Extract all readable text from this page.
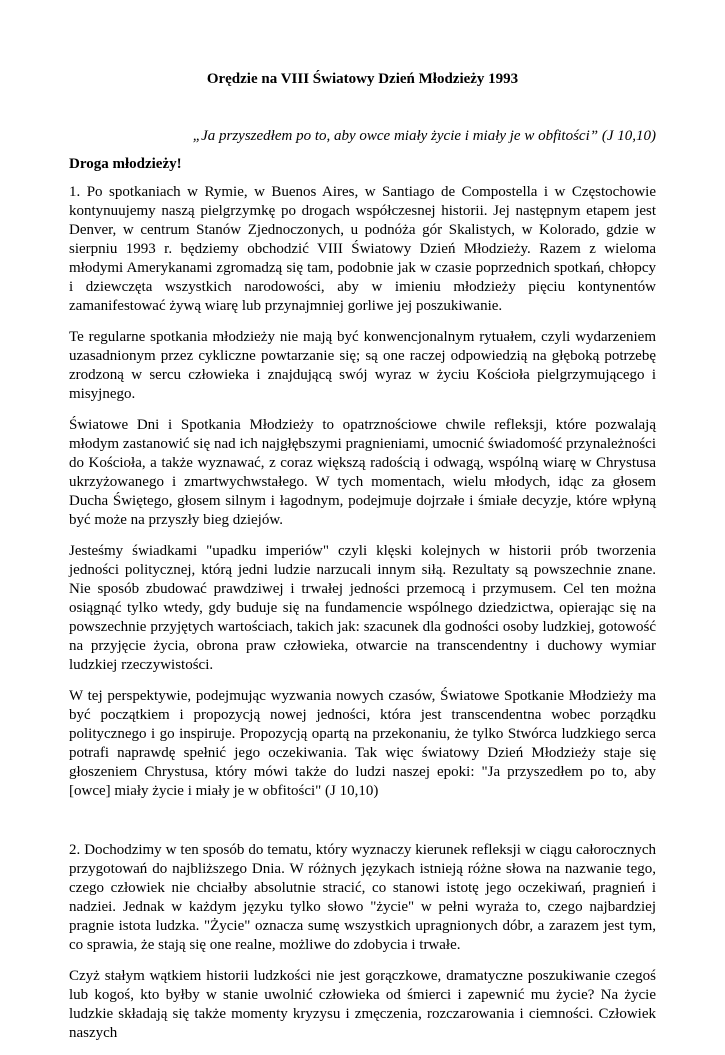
Orędzie na VIII Światowy Dzień Młodzieży 1993

„Ja przyszedłem po to, aby owce miały życie i miały je w obfitości” (J 10,10)

Droga młodzieży!

1. Po spotkaniach w Rymie, w Buenos Aires, w Santiago de Compostella i w Częstochowie kontynuujemy naszą pielgrzymkę po drogach współczesnej historii. Jej następnym etapem jest Denver, w centrum Stanów Zjednoczonych, u podnóża gór Skalistych, w Kolorado, gdzie w sierpniu 1993 r. będziemy obchodzić VIII Światowy Dzień Młodzieży. Razem z wieloma młodymi Amerykanami zgromadzą się tam, podobnie jak w czasie poprzednich spotkań, chłopcy i dziewczęta wszystkich narodowości, aby w imieniu młodzieży pięciu kontynentów zamanifestować żywą wiarę lub przynajmniej gorliwe jej poszukiwanie.

Te regularne spotkania młodzieży nie mają być konwencjonalnym rytuałem, czyli wydarzeniem uzasadnionym przez cykliczne powtarzanie się; są one raczej odpowiedzią na głęboką potrzebę zrodzoną w sercu człowieka i znajdującą swój wyraz w życiu Kościoła pielgrzymującego i misyjnego.

Światowe Dni i Spotkania Młodzieży to opatrznościowe chwile refleksji, które pozwalają młodym zastanowić się nad ich najgłębszymi pragnieniami, umocnić świadomość przynależności do Kościoła, a także wyznawać, z coraz większą radością i odwagą, wspólną wiarę w Chrystusa ukrzyżowanego i zmartwychwstałego. W tych momentach, wielu młodych, idąc za głosem Ducha Świętego, głosem silnym i łagodnym, podejmuje dojrzałe i śmiałe decyzje, które wpłyną być może na przyszły bieg dziejów.

Jesteśmy świadkami "upadku imperiów" czyli klęski kolejnych w historii prób tworzenia jedności politycznej, którą jedni ludzie narzucali innym siłą. Rezultaty są powszechnie znane. Nie sposób zbudować prawdziwej i trwałej jedności przemocą i przymusem. Cel ten można osiągnąć tylko wtedy, gdy buduje się na fundamencie wspólnego dziedzictwa, opierając się na powszechnie przyjętych wartościach, takich jak: szacunek dla godności osoby ludzkiej, gotowość na przyjęcie życia, obrona praw człowieka, otwarcie na transcendentny i duchowy wymiar ludzkiej rzeczywistości.

W tej perspektywie, podejmując wyzwania nowych czasów, Światowe Spotkanie Młodzieży ma być początkiem i propozycją nowej jedności, która jest transcendentna wobec porządku politycznego i go inspiruje. Propozycją opartą na przekonaniu, że tylko Stwórca ludzkiego serca potrafi naprawdę spełnić jego oczekiwania. Tak więc światowy Dzień Młodzieży staje się głoszeniem Chrystusa, który mówi także do ludzi naszej epoki: "Ja przyszedłem po to, aby [owce] miały życie i miały je w obfitości" (J 10,10)

2. Dochodzimy w ten sposób do tematu, który wyznaczy kierunek refleksji w ciągu całorocznych przygotowań do najbliższego Dnia. W różnych językach istnieją różne słowa na nazwanie tego, czego człowiek nie chciałby absolutnie stracić, co stanowi istotę jego oczekiwań, pragnień i nadziei. Jednak w każdym języku tylko słowo "życie" w pełni wyraża to, czego najbardziej pragnie istota ludzka. "Życie" oznacza sumę wszystkich upragnionych dóbr, a zarazem jest tym, co sprawia, że stają się one realne, możliwe do zdobycia i trwałe.

Czyż stałym wątkiem historii ludzkości nie jest gorączkowe, dramatyczne poszukiwanie czegoś lub kogoś, kto byłby w stanie uwolnić człowieka od śmierci i zapewnić mu życie? Na życie ludzkie składają się także momenty kryzysu i zmęczenia, rozczarowania i ciemności. Człowiek naszych
